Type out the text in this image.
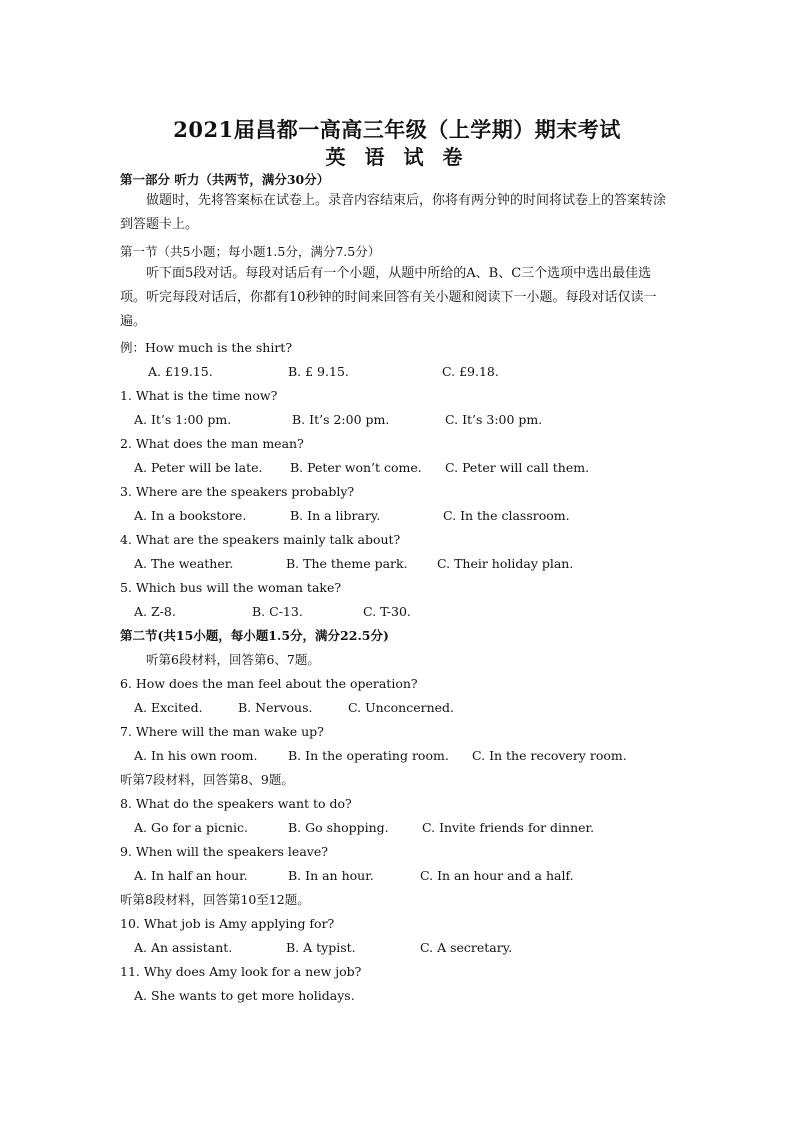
2021届昌都一高高三年级（上学期）期末考试
英 语 试 卷
第一部分 听力（共两节，满分30分）
做题时，先将答案标在试卷上。录音内容结束后，你将有两分钟的时间将试卷上的答案转涂到答题卡上。
第一节（共5小题；每小题1.5分，满分7.5分）
听下面5段对话。每段对话后有一个小题，从题中所给的A、B、C三个选项中选出最佳选项。听完每段对话后，你都有10秒钟的时间来回答有关小题和阅读下一小题。每段对话仅读一遍。
例：How much is the shirt?
A. £19.15.	B. £ 9.15.	C. £9.18.
1. What is the time now?
A. It’s 1:00 pm.	B. It’s 2:00 pm.	C. It’s 3:00 pm.
2. What does the man mean?
A. Peter will be late. B. Peter won’t come. C. Peter will call them.
3. Where are the speakers probably?
A. In a bookstore.	B. In a library.	C. In the classroom.
4. What are the speakers mainly talk about?
A. The weather.	B. The theme park. C. Their holiday plan.
5. Which bus will the woman take?
A. Z-8.	B. C-13.	C. T-30.
第二节(共15小题，每小题1.5分，满分22.5分)
听第6段材料，回答第6、7题。
6. How does the man feel about the operation?
A. Excited.	B. Nervous.	C. Unconcerned.
7. Where will the man wake up?
A. In his own room. B. In the operating room. C. In the recovery room.
听第7段材料，回答第8、9题。
8. What do the speakers want to do?
A. Go for a picnic.	B. Go shopping.	C. Invite friends for dinner.
9. When will the speakers leave?
A. In half an hour.	B. In an hour.	C. In an hour and a half.
听第8段材料，回答第10至12题。
10. What job is Amy applying for?
A. An assistant.	B. A typist.	C. A secretary.
11. Why does Amy look for a new job?
A. She wants to get more holidays.
